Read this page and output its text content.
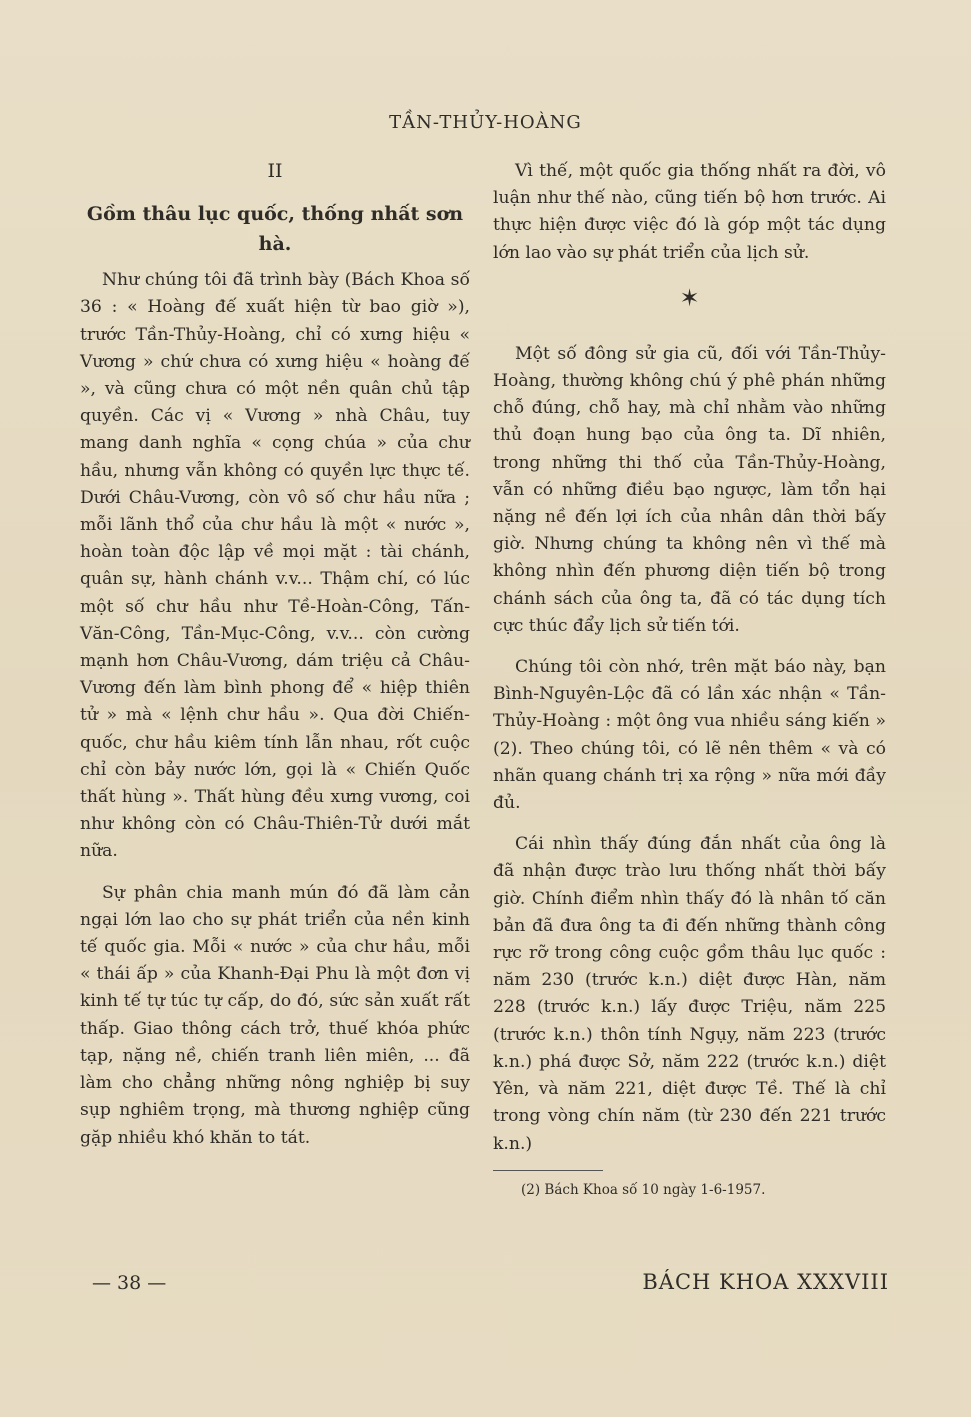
TẦN-THỦY-HOÀNG
II
Gồm thâu lục quốc, thống nhất sơn hà.

Như chúng tôi đã trình bày (Bách Khoa số 36 : « Hoàng đế xuất hiện từ bao giờ »), trước Tần-Thủy-Hoàng, chỉ có xưng hiệu « Vương » chứ chưa có xưng hiệu « hoàng đế », và cũng chưa có một nền quân chủ tập quyền. Các vị « Vương » nhà Châu, tuy mang danh nghĩa « cọng chúa » của chư hầu, nhưng vẫn không có quyền lực thực tế. Dưới Châu-Vương, còn vô số chư hầu nữa ; mỗi lãnh thổ của chư hầu là một « nước », hoàn toàn độc lập về mọi mặt : tài chánh, quân sự, hành chánh v.v... Thậm chí, có lúc một số chư hầu như Tề-Hoàn-Công, Tấn-Văn-Công, Tần-Mục-Công, v.v... còn cường mạnh hơn Châu-Vương, dám triệu cả Châu-Vương đến làm bình phong để « hiệp thiên tử » mà « lệnh chư hầu ». Qua đời Chiến-quốc, chư hầu kiêm tính lẫn nhau, rốt cuộc chỉ còn bảy nước lớn, gọi là « Chiến Quốc thất hùng ». Thất hùng đều xưng vương, coi như không còn có Châu-Thiên-Tử dưới mắt nữa.

Sự phân chia manh mún đó đã làm cản ngại lớn lao cho sự phát triển của nền kinh tế quốc gia. Mỗi « nước » của chư hầu, mỗi « thái ấp » của Khanh-Đại Phu là một đơn vị kinh tế tự túc tự cấp, do đó, sức sản xuất rất thấp. Giao thông cách trở, thuế khóa phức tạp, nặng nề, chiến tranh liên miên, ... đã làm cho chẳng những nông nghiệp bị suy sụp nghiêm trọng, mà thương nghiệp cũng gặp nhiều khó khăn to tát.

Vì thế, một quốc gia thống nhất ra đời, vô luận như thế nào, cũng tiến bộ hơn trước. Ai thực hiện được việc đó là góp một tác dụng lớn lao vào sự phát triển của lịch sử.

✶

Một số đông sử gia cũ, đối với Tần-Thủy-Hoàng, thường không chú ý phê phán những chỗ đúng, chỗ hay, mà chỉ nhằm vào những thủ đoạn hung bạo của ông ta. Dĩ nhiên, trong những thi thố của Tần-Thủy-Hoàng, vẫn có những điều bạo ngược, làm tổn hại nặng nề đến lợi ích của nhân dân thời bấy giờ. Nhưng chúng ta không nên vì thế mà không nhìn đến phương diện tiến bộ trong chánh sách của ông ta, đã có tác dụng tích cực thúc đẩy lịch sử tiến tới.

Chúng tôi còn nhớ, trên mặt báo này, bạn Bình-Nguyên-Lộc đã có lần xác nhận « Tần-Thủy-Hoàng : một ông vua nhiều sáng kiến » (2). Theo chúng tôi, có lẽ nên thêm « và có nhãn quang chánh trị xa rộng » nữa mới đầy đủ.

Cái nhìn thấy đúng đắn nhất của ông là đã nhận được trào lưu thống nhất thời bấy giờ. Chính điểm nhìn thấy đó là nhân tố căn bản đã đưa ông ta đi đến những thành công rực rỡ trong công cuộc gồm thâu lục quốc : năm 230 (trước k.n.) diệt được Hàn, năm 228 (trước k.n.) lấy được Triệu, năm 225 (trước k.n.) thôn tính Ngụy, năm 223 (trước k.n.) phá được Sở, năm 222 (trước k.n.) diệt Yên, và năm 221, diệt được Tề. Thế là chỉ trong vòng chín năm (từ 230 đến 221 trước k.n.)

(2) Bách Khoa số 10 ngày 1-6-1957.

— 38 —	BÁCH KHOA XXXVIII
